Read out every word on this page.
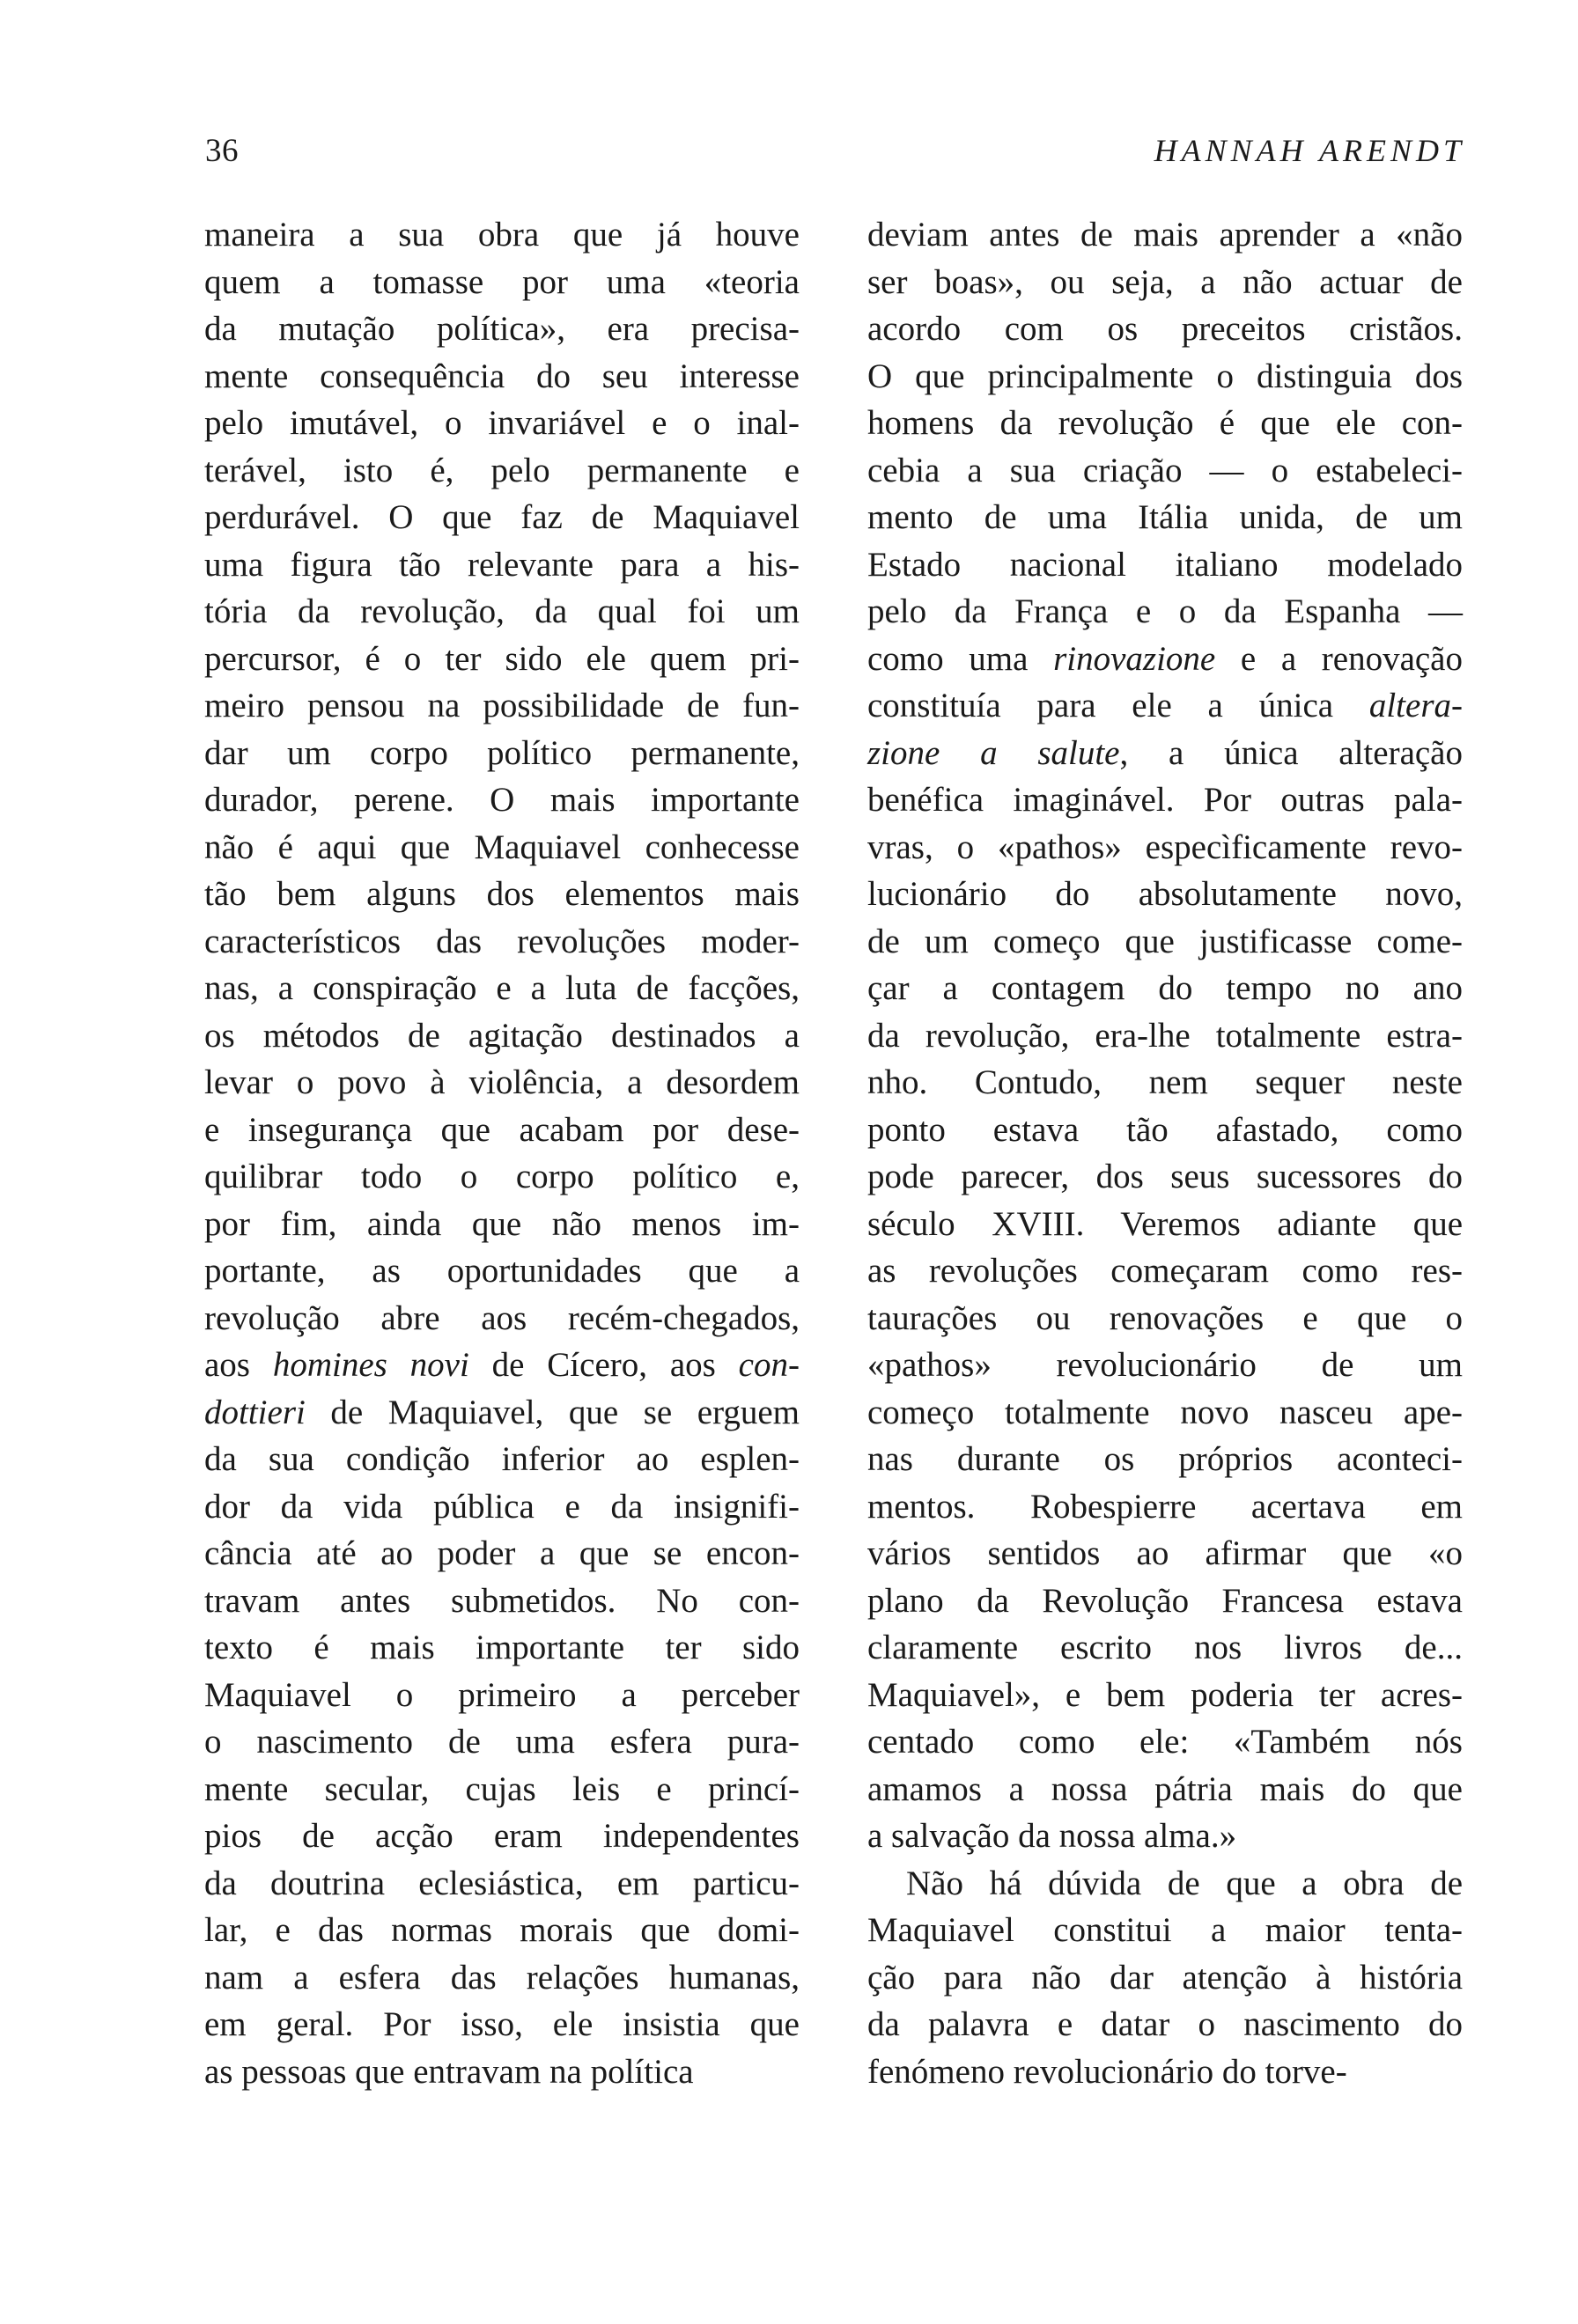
36	HANNAH ARENDT
maneira a sua obra que já houve
quem a tomasse por uma «teoria
da mutação política», era precisa-
mente consequência do seu interesse
pelo imutável, o invariável e o inal-
terável, isto é, pelo permanente e
perdurável. O que faz de Maquiavel
uma figura tão relevante para a his-
tória da revolução, da qual foi um
percursor, é o ter sido ele quem pri-
meiro pensou na possibilidade de fun-
dar um corpo político permanente,
durador, perene. O mais importante
não é aqui que Maquiavel conhecesse
tão bem alguns dos elementos mais
característicos das revoluções moder-
nas, a conspiração e a luta de facções,
os métodos de agitação destinados a
levar o povo à violência, a desordem
e insegurança que acabam por dese-
quilibrar todo o corpo político e,
por fim, ainda que não menos im-
portante, as oportunidades que a
revolução abre aos recém-chegados,
aos homines novi de Cícero, aos con-
dottieri de Maquiavel, que se erguem
da sua condição inferior ao esplen-
dor da vida pública e da insignifi-
cância até ao poder a que se encon-
travam antes submetidos. No con-
texto é mais importante ter sido
Maquiavel o primeiro a perceber
o nascimento de uma esfera pura-
mente secular, cujas leis e princí-
pios de acção eram independentes
da doutrina eclesiástica, em particu-
lar, e das normas morais que domi-
nam a esfera das relações humanas,
em geral. Por isso, ele insistia que
as pessoas que entravam na política
deviam antes de mais aprender a «não
ser boas», ou seja, a não actuar de
acordo com os preceitos cristãos.
O que principalmente o distinguia dos
homens da revolução é que ele con-
cebia a sua criação — o estabeleci-
mento de uma Itália unida, de um
Estado nacional italiano modelado
pelo da França e o da Espanha —
como uma rinovazione e a renovação
constituía para ele a única altera-
zione a salute, a única alteração
benéfica imaginável. Por outras pala-
vras, o «pathos» especìficamente revo-
lucionário do absolutamente novo,
de um começo que justificasse come-
çar a contagem do tempo no ano
da revolução, era-lhe totalmente estra-
nho. Contudo, nem sequer neste
ponto estava tão afastado, como
pode parecer, dos seus sucessores do
século XVIII. Veremos adiante que
as revoluções começaram como res-
taurações ou renovações e que o
«pathos» revolucionário de um
começo totalmente novo nasceu ape-
nas durante os próprios aconteci-
mentos. Robespierre acertava em
vários sentidos ao afirmar que «o
plano da Revolução Francesa estava
claramente escrito nos livros de...
Maquiavel», e bem poderia ter acres-
centado como ele: «Também nós
amamos a nossa pátria mais do que
a salvação da nossa alma.»
Não há dúvida de que a obra de
Maquiavel constitui a maior tenta-
ção para não dar atenção à história
da palavra e datar o nascimento do
fenómeno revolucionário do torve-
